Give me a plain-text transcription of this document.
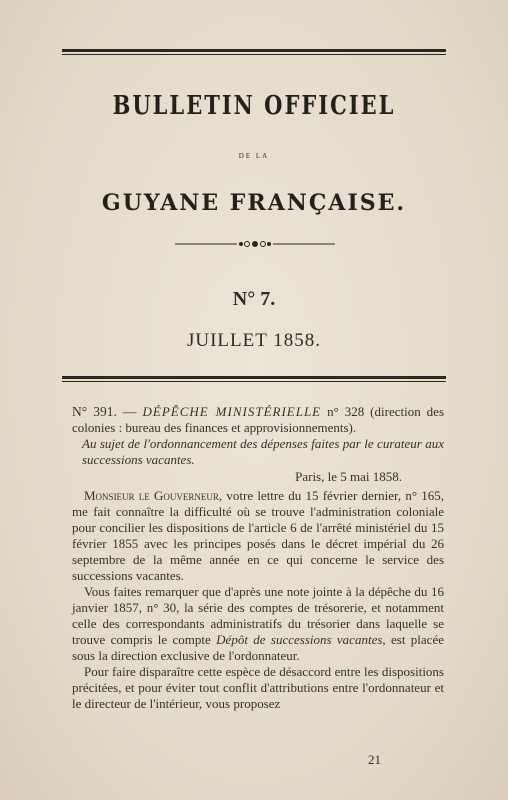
BULLETIN OFFICIEL
DE LA
GUYANE FRANÇAISE.
N° 7.
JUILLET 1858.

N° 391. — DÉPÊCHE MINISTÉRIELLE n° 328 (direction des colonies : bureau des finances et approvisionnements).

Au sujet de l'ordonnancement des dépenses faites par le curateur aux successions vacantes.

Paris, le 5 mai 1858.

Monsieur le Gouverneur, votre lettre du 15 février dernier, n° 165, me fait connaître la difficulté où se trouve l'administration coloniale pour concilier les dispositions de l'article 6 de l'arrêté ministériel du 15 février 1855 avec les principes posés dans le décret impérial du 26 septembre de la même année en ce qui concerne le service des successions vacantes.

Vous faites remarquer que d'après une note jointe à la dépêche du 16 janvier 1857, n° 30, la série des comptes de trésorerie, et notamment celle des correspondants administratifs du trésorier dans laquelle se trouve compris le compte Dépôt de successions vacantes, est placée sous la direction exclusive de l'ordonnateur.

Pour faire disparaître cette espèce de désaccord entre les dispositions précitées, et pour éviter tout conflit d'attributions entre l'ordonnateur et le directeur de l'intérieur, vous proposez

21
